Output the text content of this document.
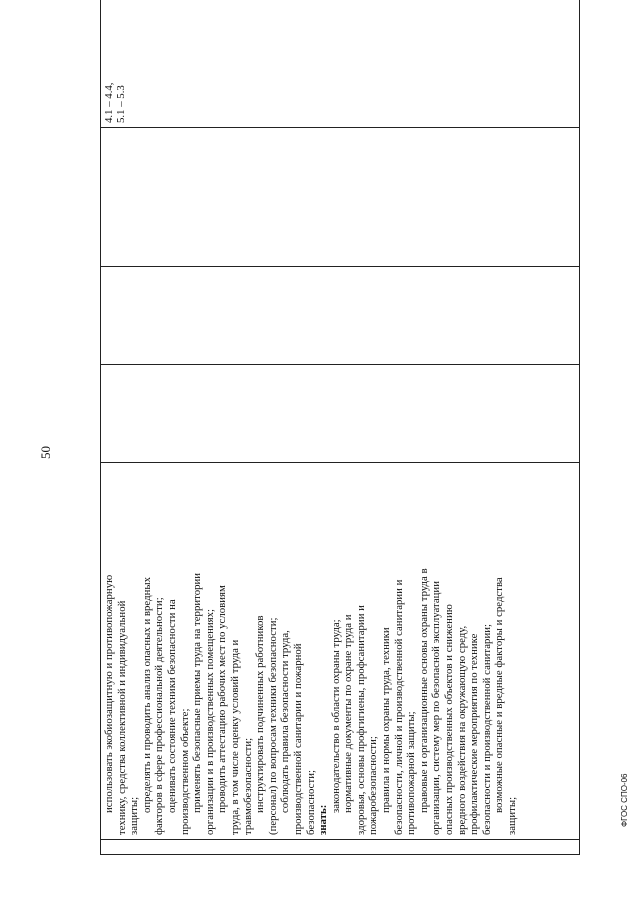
50

использовать экобиозащитную и противопожарную технику, средства коллективной и индивидуальной защиты;

определять и проводить анализ опасных и вредных факторов в сфере профессиональной деятельности; оценивать состояние техники безопасности на производственном объекте; применять безопасные приемы труда на территории организации и в производственных помещениях; проводить аттестацию рабочих мест по условиям труда, в том числе оценку условий труда и травмобезопасности; инструктировать подчиненных работников (персонал) по вопросам техники безопасности; соблюдать правила безопасности труда, производственной санитарии и пожарной безопасности; знать:

законодательство в области охраны труда; нормативные документы по охране труда и здоровья, основы профгигиены, профсанитарии и пожаробезопасности; правила и нормы охраны труда, техники безопасности, личной и производственной санитарии и противопожарной защиты; правовые и организационные основы охраны труда в организации, систему мер по безопасной эксплуатации опасных производственных объектов и снижению вредного воздействия на окружающую среду, профилактические мероприятия по технике безопасности и производственной санитарии; возможные опасные и вредные факторы и средства

защиты;

4.1 – 4.4, 5.1 – 5.3
ФГОС СПО-06
